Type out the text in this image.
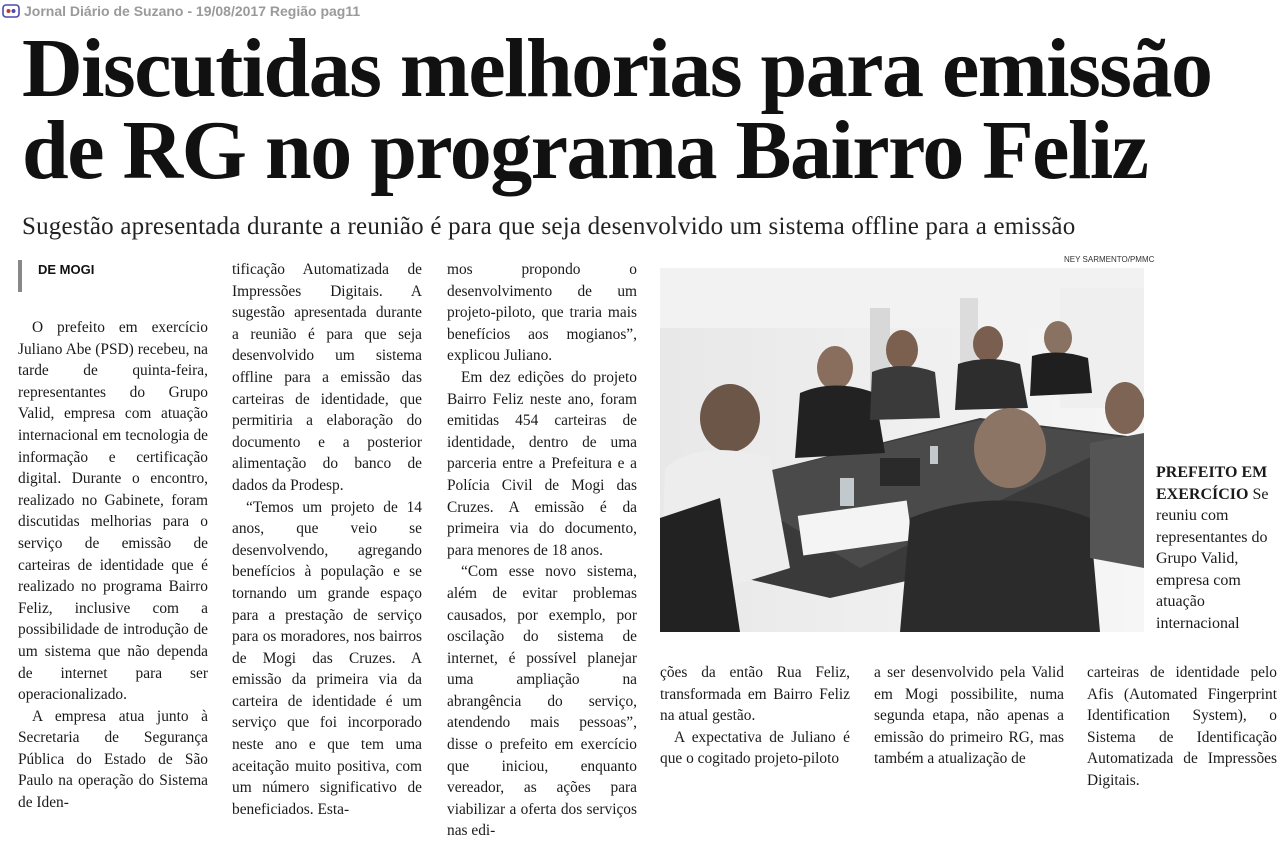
Jornal Diário de Suzano - 19/08/2017 Região pag11
Discutidas melhorias para emissão
de RG no programa Bairro Feliz
Sugestão apresentada durante a reunião é para que seja desenvolvido um sistema offline para a emissão
DE MOGI

O prefeito em exercício Juliano Abe (PSD) recebeu, na tarde de quinta-feira, representantes do Grupo Valid, empresa com atuação internacional em tecnologia de informação e certificação digital. Durante o encontro, realizado no Gabinete, foram discutidas melhorias para o serviço de emissão de carteiras de identidade que é realizado no programa Bairro Feliz, inclusive com a possibilidade de introdução de um sistema que não dependa de internet para ser operacionalizado.

A empresa atua junto à Secretaria de Segurança Pública do Estado de São Paulo na operação do Sistema de Iden-

tificação Automatizada de Impressões Digitais. A sugestão apresentada durante a reunião é para que seja desenvolvido um sistema offline para a emissão das carteiras de identidade, que permitiria a elaboração do documento e a posterior alimentação do banco de dados da Prodesp.

“Temos um projeto de 14 anos, que veio se desenvolvendo, agregando benefícios à população e se tornando um grande espaço para a prestação de serviço para os moradores, nos bairros de Mogi das Cruzes. A emissão da primeira via da carteira de identidade é um serviço que foi incorporado neste ano e que tem uma aceitação muito positiva, com um número significativo de beneficiados. Esta-

mos propondo o desenvolvimento de um projeto-piloto, que traria mais benefícios aos mogianos”, explicou Juliano.

Em dez edições do projeto Bairro Feliz neste ano, foram emitidas 454 carteiras de identidade, dentro de uma parceria entre a Prefeitura e a Polícia Civil de Mogi das Cruzes. A emissão é da primeira via do documento, para menores de 18 anos.

“Com esse novo sistema, além de evitar problemas causados, por exemplo, por oscilação do sistema de internet, é possível planejar uma ampliação na abrangência do serviço, atendendo mais pessoas”, disse o prefeito em exercício que iniciou, enquanto vereador, as ações para viabilizar a oferta dos serviços nas edi-

NEY SARMENTO/PMMC
PREFEITO EM EXERCÍCIO Se reuniu com representantes do Grupo Valid, empresa com atuação internacional

ções da então Rua Feliz, transformada em Bairro Feliz na atual gestão.

A expectativa de Juliano é que o cogitado projeto-piloto

a ser desenvolvido pela Valid em Mogi possibilite, numa segunda etapa, não apenas a emissão do primeiro RG, mas também a atualização de

carteiras de identidade pelo Afis (Automated Fingerprint Identification System), o Sistema de Identificação Automatizada de Impressões Digitais.
